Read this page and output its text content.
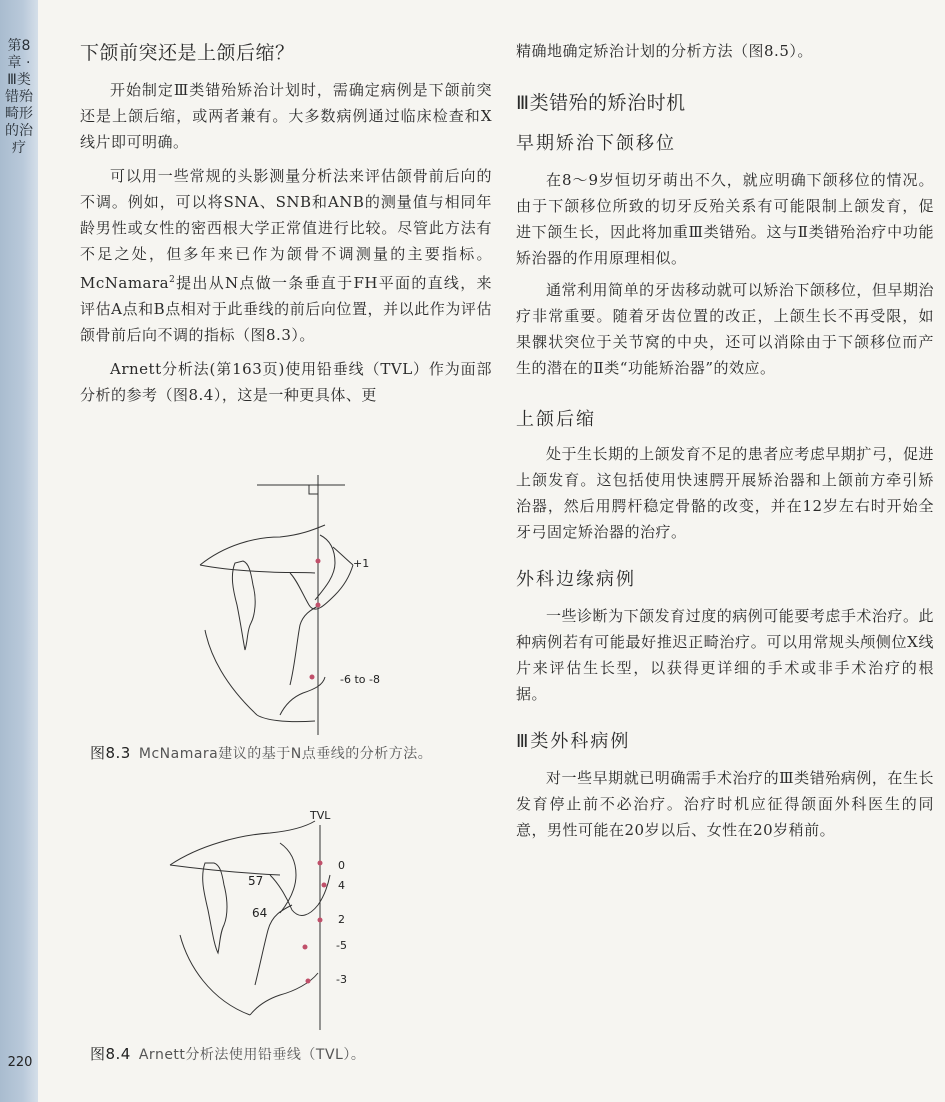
第8章 · Ⅲ类错殆畸形的治疗
220
下颌前突还是上颌后缩？

开始制定Ⅲ类错殆矫治计划时，需确定病例是下颌前突还是上颌后缩，或两者兼有。大多数病例通过临床检查和X线片即可明确。

可以用一些常规的头影测量分析法来评估颌骨前后向的不调。例如，可以将SNA、SNB和ANB的测量值与相同年龄男性或女性的密西根大学正常值进行比较。尽管此方法有不足之处，但多年来已作为颌骨不调测量的主要指标。McNamara$^2$提出从N点做一条垂直于FH平面的直线，来评估A点和B点相对于此垂线的前后向位置，并以此作为评估颌骨前后向不调的指标（图8.3）。

Arnett分析法(第163页)使用铅垂线（TVL）作为面部分析的参考（图8.4），这是一种更具体、更

+1
-6 to -8
图8.3 McNamara建议的基于N点垂线的分析方法。
TVL
57
64
0
4
2
-5
-3
图8.4 Arnett分析法使用铅垂线（TVL）。

精确地确定矫治计划的分析方法（图8.5）。

Ⅲ类错殆的矫治时机
早期矫治下颌移位

在8～9岁恒切牙萌出不久，就应明确下颌移位的情况。由于下颌移位所致的切牙反殆关系有可能限制上颌发育，促进下颌生长，因此将加重Ⅲ类错殆。这与Ⅱ类错殆治疗中功能矫治器的作用原理相似。

通常利用简单的牙齿移动就可以矫治下颌移位，但早期治疗非常重要。随着牙齿位置的改正，上颌生长不再受限，如果髁状突位于关节窝的中央，还可以消除由于下颌移位而产生的潜在的Ⅱ类“功能矫治器”的效应。

上颌后缩

处于生长期的上颌发育不足的患者应考虑早期扩弓，促进上颌发育。这包括使用快速腭开展矫治器和上颌前方牵引矫治器，然后用腭杆稳定骨骼的改变，并在12岁左右时开始全牙弓固定矫治器的治疗。

外科边缘病例

一些诊断为下颌发育过度的病例可能要考虑手术治疗。此种病例若有可能最好推迟正畸治疗。可以用常规头颅侧位X线片来评估生长型，以获得更详细的手术或非手术治疗的根据。

Ⅲ类外科病例

对一些早期就已明确需手术治疗的Ⅲ类错殆病例，在生长发育停止前不必治疗。治疗时机应征得颌面外科医生的同意，男性可能在20岁以后、女性在20岁稍前。
